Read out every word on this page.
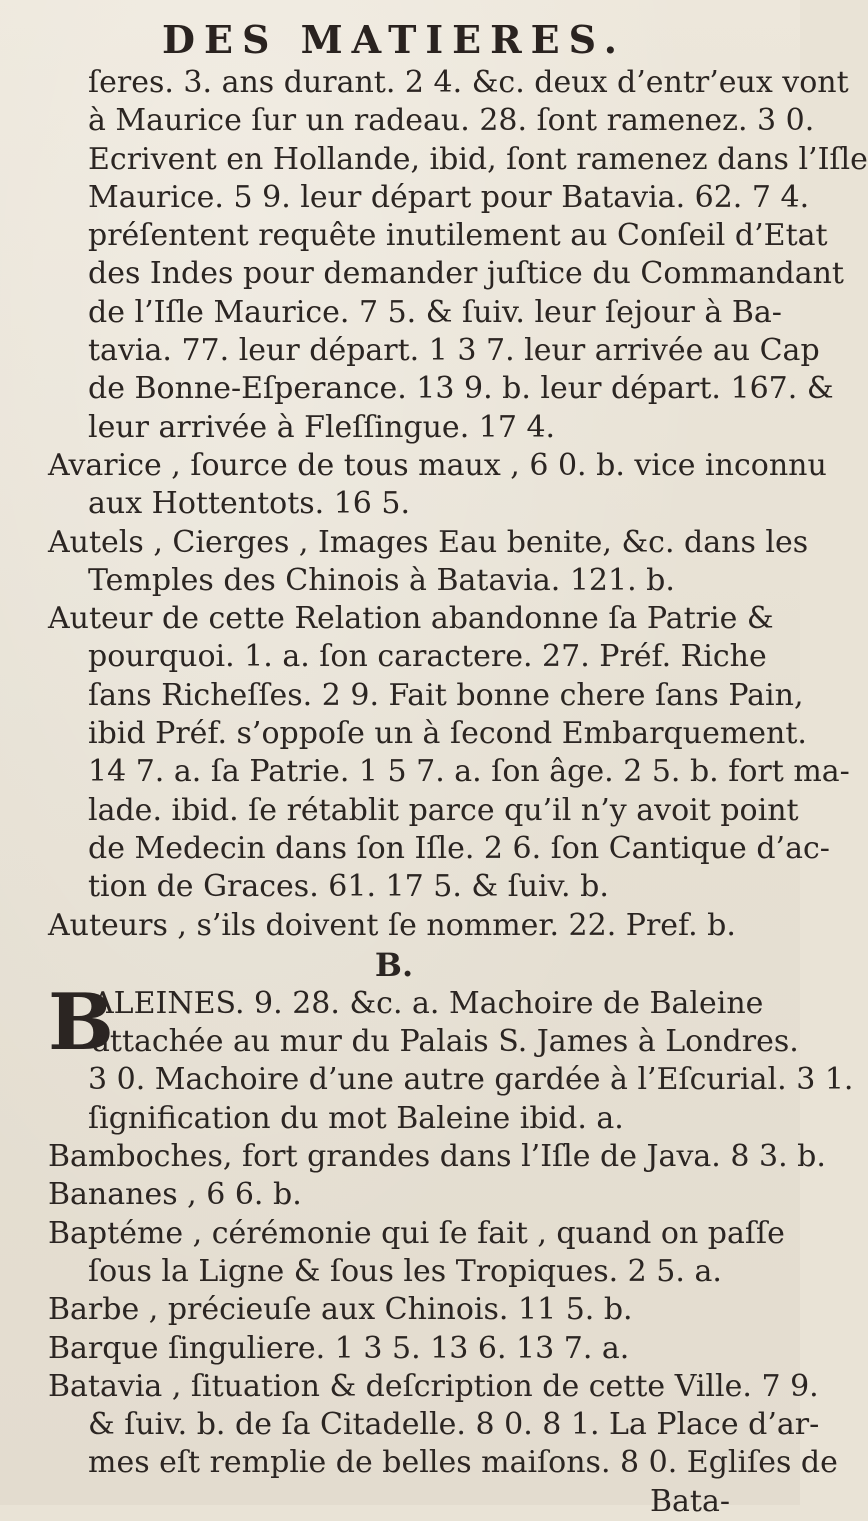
DES MATIERES.
ſeres. 3. ans durant. 2 4. &c. deux d’entr’eux vont
à Maurice ſur un radeau. 28. ſont ramenez. 3 0.
Ecrivent en Hollande, ibid, ſont ramenez dans l’Iſle
Maurice. 5 9. leur départ pour Batavia. 62. 7 4.
préſentent requête inutilement au Conſeil d’Etat
des Indes pour demander juſtice du Commandant
de l’Iſle Maurice. 7 5. & ſuiv. leur ſejour à Ba-
tavia. 77. leur départ. 1 3 7. leur arrivée au Cap
de Bonne-Eſperance. 13 9. b. leur départ. 167. &
leur arrivée à Fleſſingue. 17 4.
Avarice , ſource de tous maux , 6 0. b. vice inconnu
aux Hottentots. 16 5.
Autels , Cierges , Images Eau benite, &c. dans les
Temples des Chinois à Batavia. 121. b.
Auteur de cette Relation abandonne ſa Patrie &
pourquoi. 1. a. ſon caractere. 27. Préf. Riche
ſans Richeſſes. 2 9. Fait bonne chere ſans Pain,
ibid Préf. s’oppoſe un à ſecond Embarquement.
14 7. a. ſa Patrie. 1 5 7. a. ſon âge. 2 5. b. fort ma-
lade. ibid. ſe rétablit parce qu’il n’y avoit point
de Medecin dans ſon Iſle. 2 6. ſon Cantique d’ac-
tion de Graces. 61. 17 5. & ſuiv. b.
Auteurs , s’ils doivent ſe nommer. 22. Pref. b.
B.
B
ALEINES. 9. 28. &c. a. Machoire de Baleine
attachée au mur du Palais S. James à Londres.
3 0. Machoire d’une autre gardée à l’Eſcurial. 3 1.
ſignification du mot Baleine ibid. a.
Bamboches, fort grandes dans l’Iſle de Java. 8 3. b.
Bananes , 6 6. b.
Baptéme , cérémonie qui ſe fait , quand on paſſe
ſous la Ligne & ſous les Tropiques. 2 5. a.
Barbe , précieuſe aux Chinois. 11 5. b.
Barque ſinguliere. 1 3 5. 13 6. 13 7. a.
Batavia , ſituation & deſcription de cette Ville. 7 9.
& ſuiv. b. de ſa Citadelle. 8 0. 8 1. La Place d’ar-
mes eſt remplie de belles maiſons. 8 0. Egliſes de
Bata-
